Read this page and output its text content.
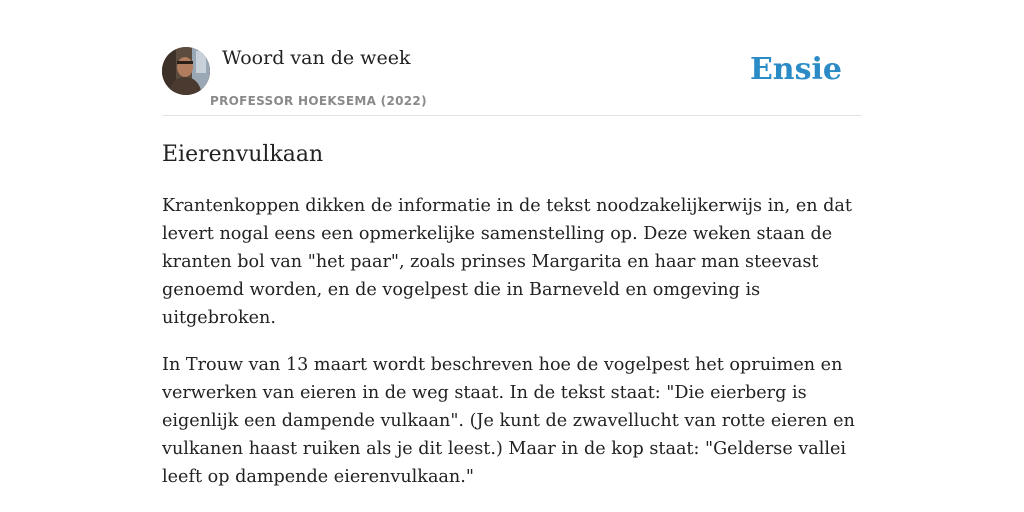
Woord van de week
PROFESSOR HOEKSEMA (2022)
Ensie
Eierenvulkaan

Krantenkoppen dikken de informatie in de tekst noodzakelijkerwijs in, en dat levert nogal eens een opmerkelijke samenstelling op. Deze weken staan de kranten bol van "het paar", zoals prinses Margarita en haar man steevast genoemd worden, en de vogelpest die in Barneveld en omgeving is uitgebroken.

In Trouw van 13 maart wordt beschreven hoe de vogelpest het opruimen en verwerken van eieren in de weg staat. In de tekst staat: "Die eierberg is eigenlijk een dampende vulkaan". (Je kunt de zwavellucht van rotte eieren en vulkanen haast ruiken als je dit leest.) Maar in de kop staat: "Gelderse vallei leeft op dampende eierenvulkaan."
